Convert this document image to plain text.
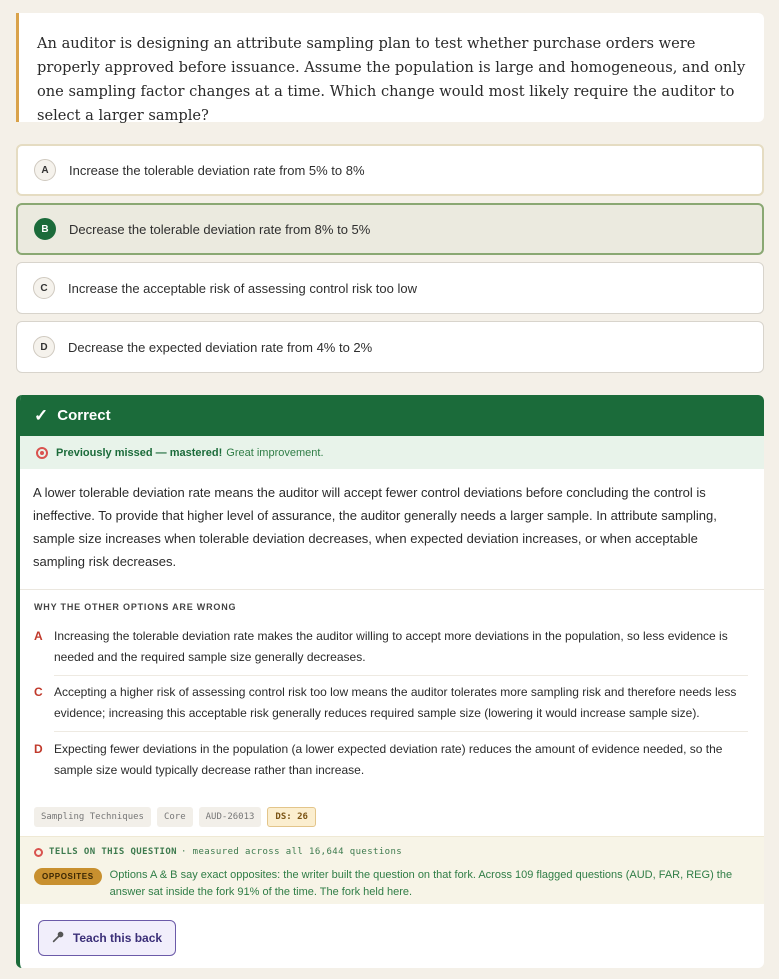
An auditor is designing an attribute sampling plan to test whether purchase orders were properly approved before issuance. Assume the population is large and homogeneous, and only one sampling factor changes at a time. Which change would most likely require the auditor to select a larger sample?

A	Increase the tolerable deviation rate from 5% to 8%
B	Decrease the tolerable deviation rate from 8% to 5%
C	Increase the acceptable risk of assessing control risk too low
D	Decrease the expected deviation rate from 4% to 2%
✓ Correct
Previously missed — mastered! Great improvement.

A lower tolerable deviation rate means the auditor will accept fewer control deviations before concluding the control is ineffective. To provide that higher level of assurance, the auditor generally needs a larger sample. In attribute sampling, sample size increases when tolerable deviation decreases, when expected deviation increases, or when acceptable sampling risk decreases.

WHY THE OTHER OPTIONS ARE WRONG
A Increasing the tolerable deviation rate makes the auditor willing to accept more deviations in the population, so less evidence is needed and the required sample size generally decreases.
C Accepting a higher risk of assessing control risk too low means the auditor tolerates more sampling risk and therefore needs less evidence; increasing this acceptable risk generally reduces required sample size (lowering it would increase sample size).
D Expecting fewer deviations in the population (a lower expected deviation rate) reduces the amount of evidence needed, so the sample size would typically decrease rather than increase.
Sampling Techniques	Core	AUD-26013	DS: 26
TELLS ON THIS QUESTION · measured across all 16,644 questions
OPPOSITES	Options A & B say exact opposites: the writer built the question on that fork. Across 109 flagged questions (AUD, FAR, REG) the answer sat inside the fork 91% of the time. The fork held here.
Teach this back
